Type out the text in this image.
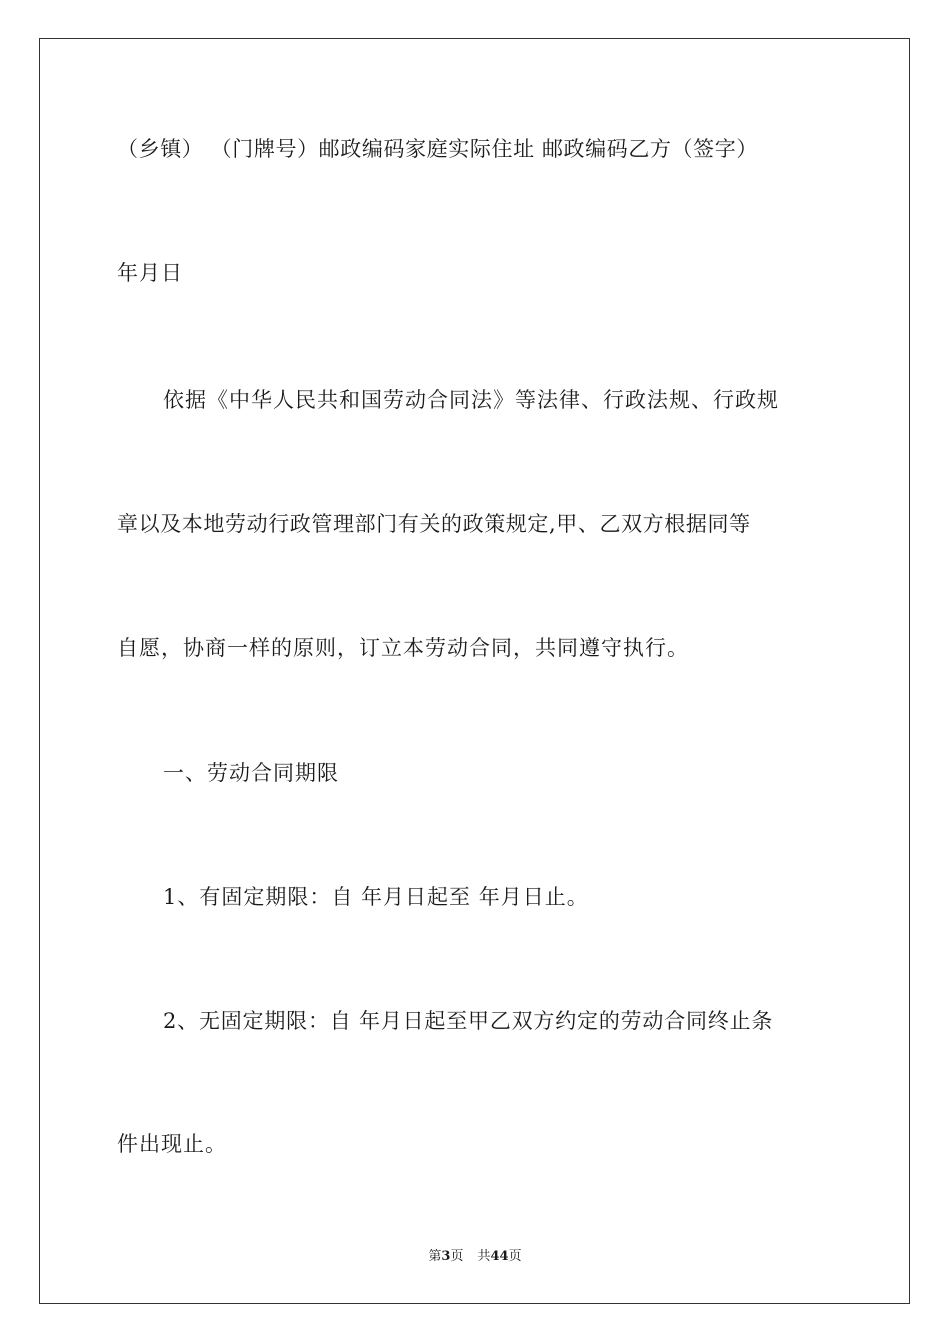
（乡镇） （门牌号）邮政编码家庭实际住址 邮政编码乙方（签字）
年月日
依据《中华人民共和国劳动合同法》等法律、行政法规、行政规
章以及本地劳动行政管理部门有关的政策规定,甲、乙双方根据同等
自愿，协商一样的原则，订立本劳动合同，共同遵守执行。
一、劳动合同期限
1、有固定期限：自 年月日起至 年月日止。
2、无固定期限：自 年月日起至甲乙双方约定的劳动合同终止条
件出现止。
第3页 共44页
